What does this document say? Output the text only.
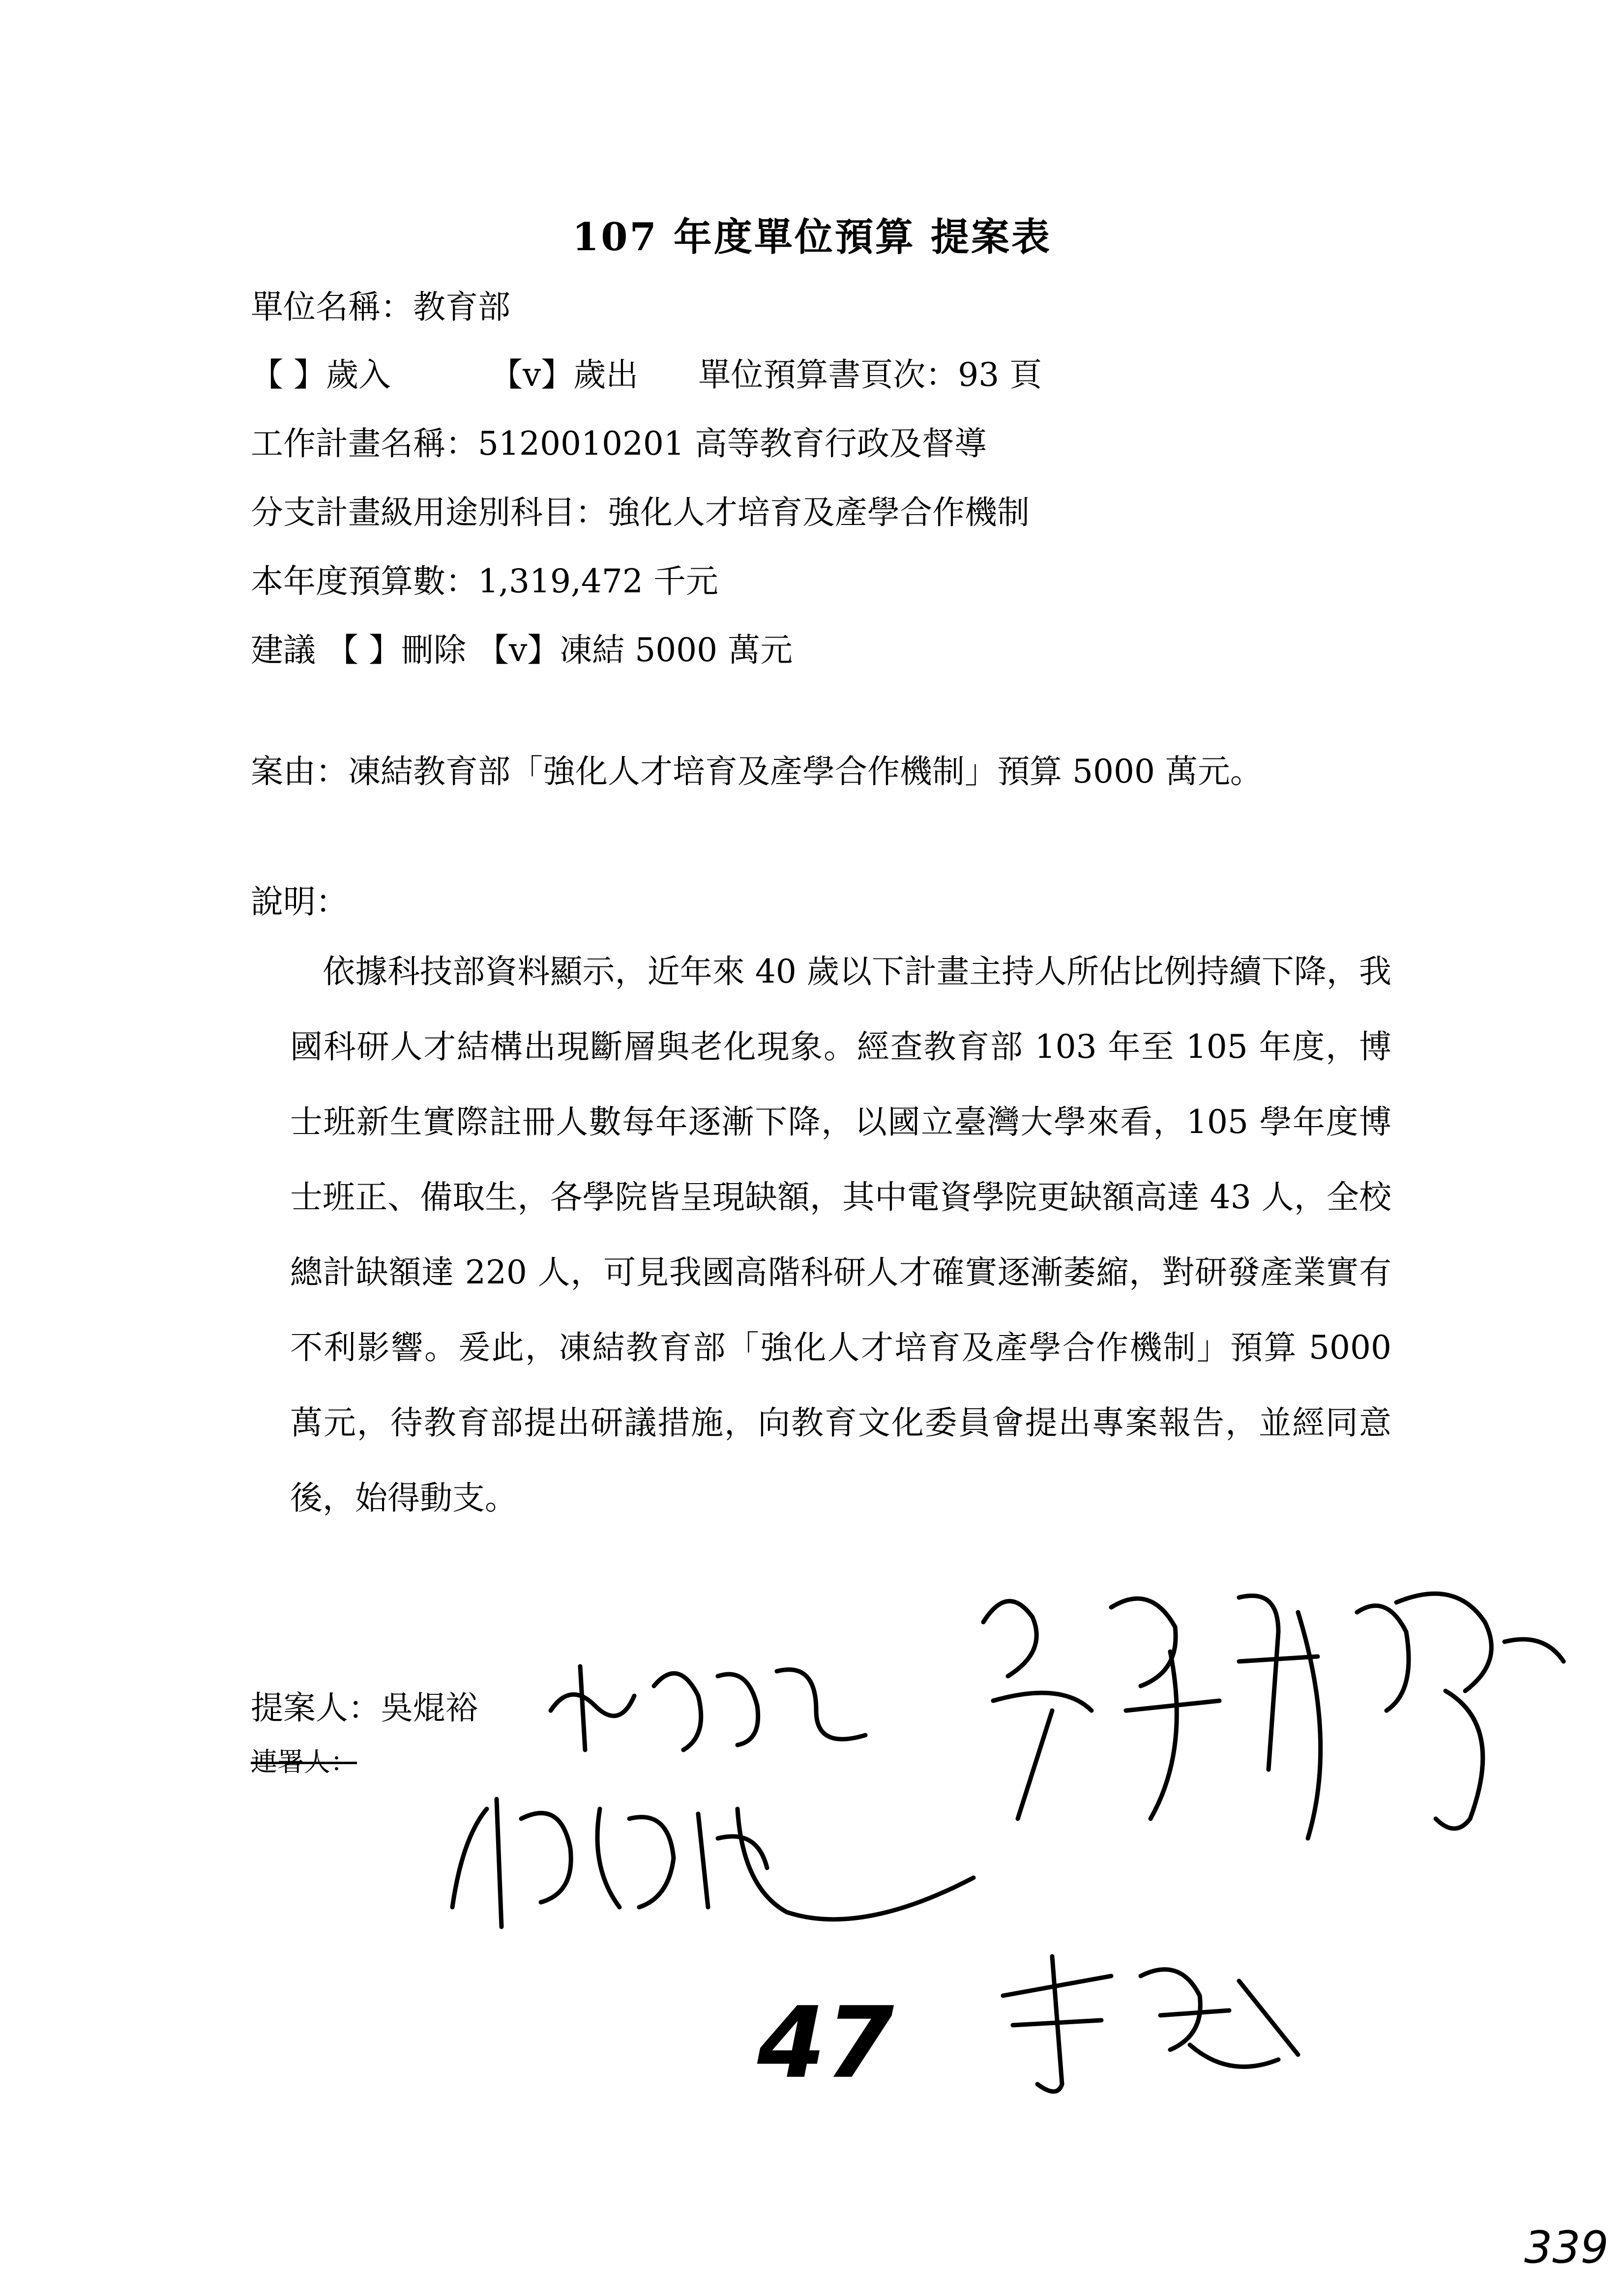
107 年度單位預算 提案表
單位名稱：教育部
【 】歲入	【v】歲出 單位預算書頁次：93 頁
工作計畫名稱：5120010201 高等教育行政及督導
分支計畫級用途別科目：強化人才培育及產學合作機制
本年度預算數：1,319,472 千元
建議 【 】刪除 【v】凍結 5000 萬元
案由：凍結教育部「強化人才培育及產學合作機制」預算 5000 萬元。
說明：
依據科技部資料顯示，近年來 40 歲以下計畫主持人所佔比例持續下降，我國科研人才結構出現斷層與老化現象。經查教育部 103 年至 105 年度，博士班新生實際註冊人數每年逐漸下降，以國立臺灣大學來看，105 學年度博士班正、備取生，各學院皆呈現缺額，其中電資學院更缺額高達 43 人，全校總計缺額達 220 人，可見我國高階科研人才確實逐漸萎縮，對研發產業實有不利影響。爰此，凍結教育部「強化人才培育及產學合作機制」預算 5000 萬元，待教育部提出研議措施，向教育文化委員會提出專案報告，並經同意後，始得動支。
提案人：吳焜裕
連署人：
47
339
